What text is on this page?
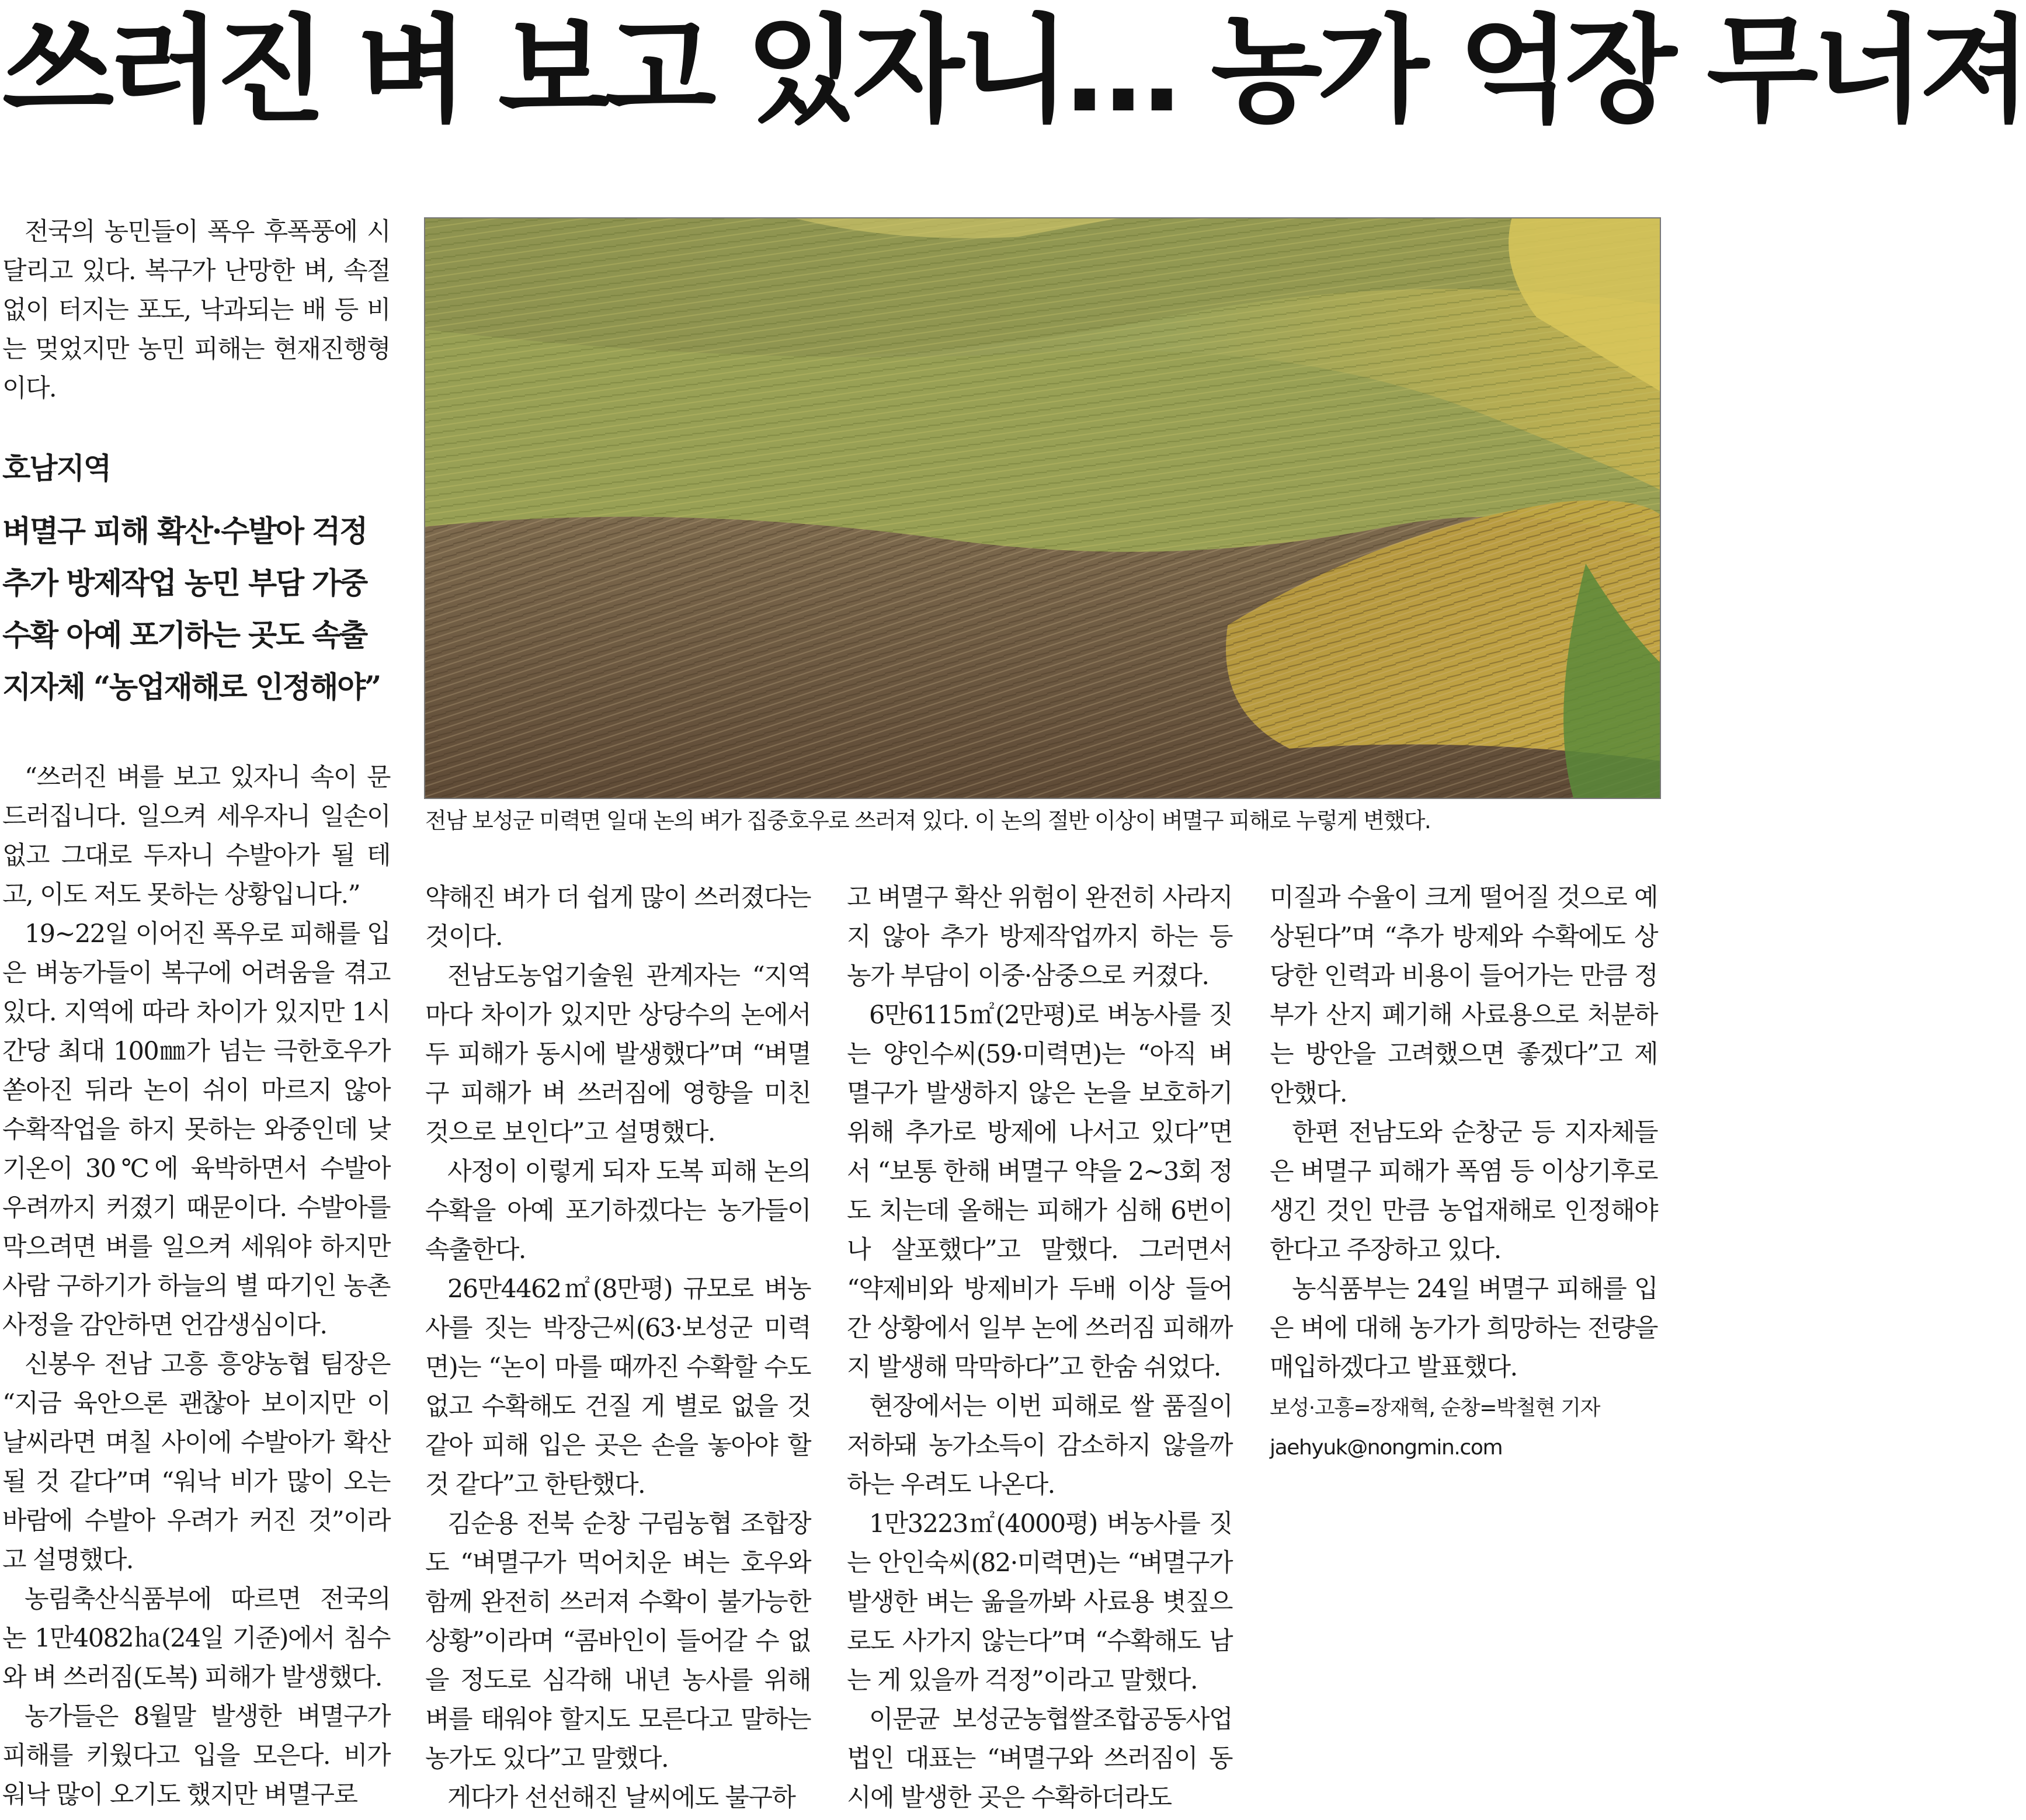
쓰러진 벼 보고 있자니… 농가 억장 무너져

전국의 농민들이 폭우 후폭풍에 시달리고 있다. 복구가 난망한 벼, 속절없이 터지는 포도, 낙과되는 배 등 비는 멎었지만 농민 피해는 현재진행형이다.

호남지역

벼멸구 피해 확산·수발아 걱정

추가 방제작업 농민 부담 가중

수확 아예 포기하는 곳도 속출

지자체 “농업재해로 인정해야”

전남 보성군 미력면 일대 논의 벼가 집중호우로 쓰러져 있다. 이 논의 절반 이상이 벼멸구 피해로 누렇게 변했다.

“쓰러진 벼를 보고 있자니 속이 문드러집니다. 일으켜 세우자니 일손이 없고 그대로 두자니 수발아가 될 테고, 이도 저도 못하는 상황입니다.”

19∼22일 이어진 폭우로 피해를 입은 벼농가들이 복구에 어려움을 겪고 있다. 지역에 따라 차이가 있지만 1시간당 최대 100㎜가 넘는 극한호우가 쏟아진 뒤라 논이 쉬이 마르지 않아 수확작업을 하지 못하는 와중인데 낮 기온이 30℃에 육박하면서 수발아 우려까지 커졌기 때문이다. 수발아를 막으려면 벼를 일으켜 세워야 하지만 사람 구하기가 하늘의 별 따기인 농촌 사정을 감안하면 언감생심이다.

신봉우 전남 고흥 흥양농협 팀장은 “지금 육안으론 괜찮아 보이지만 이 날씨라면 며칠 사이에 수발아가 확산될 것 같다”며 “워낙 비가 많이 오는 바람에 수발아 우려가 커진 것”이라고 설명했다.

농림축산식품부에 따르면 전국의 논 1만4082㏊(24일 기준)에서 침수와 벼 쓰러짐(도복) 피해가 발생했다.

농가들은 8월말 발생한 벼멸구가 피해를 키웠다고 입을 모은다. 비가 워낙 많이 오기도 했지만 벼멸구로

약해진 벼가 더 쉽게 많이 쓰러졌다는 것이다.

전남도농업기술원 관계자는 “지역마다 차이가 있지만 상당수의 논에서 두 피해가 동시에 발생했다”며 “벼멸구 피해가 벼 쓰러짐에 영향을 미친 것으로 보인다”고 설명했다.

사정이 이렇게 되자 도복 피해 논의 수확을 아예 포기하겠다는 농가들이 속출한다.

26만4462㎡(8만평) 규모로 벼농사를 짓는 박장근씨(63·보성군 미력면)는 “논이 마를 때까진 수확할 수도 없고 수확해도 건질 게 별로 없을 것 같아 피해 입은 곳은 손을 놓아야 할 것 같다”고 한탄했다.

김순용 전북 순창 구림농협 조합장도 “벼멸구가 먹어치운 벼는 호우와 함께 완전히 쓰러져 수확이 불가능한 상황”이라며 “콤바인이 들어갈 수 없을 정도로 심각해 내년 농사를 위해 벼를 태워야 할지도 모른다고 말하는 농가도 있다”고 말했다.

게다가 선선해진 날씨에도 불구하

고 벼멸구 확산 위험이 완전히 사라지지 않아 추가 방제작업까지 하는 등 농가 부담이 이중·삼중으로 커졌다.

6만6115㎡(2만평)로 벼농사를 짓는 양인수씨(59·미력면)는 “아직 벼멸구가 발생하지 않은 논을 보호하기 위해 추가로 방제에 나서고 있다”면서 “보통 한해 벼멸구 약을 2∼3회 정도 치는데 올해는 피해가 심해 6번이나 살포했다”고 말했다. 그러면서 “약제비와 방제비가 두배 이상 들어간 상황에서 일부 논에 쓰러짐 피해까지 발생해 막막하다”고 한숨 쉬었다.

현장에서는 이번 피해로 쌀 품질이 저하돼 농가소득이 감소하지 않을까 하는 우려도 나온다.

1만3223㎡(4000평) 벼농사를 짓는 안인숙씨(82·미력면)는 “벼멸구가 발생한 벼는 옮을까봐 사료용 볏짚으로도 사가지 않는다”며 “수확해도 남는 게 있을까 걱정”이라고 말했다.

이문균 보성군농협쌀조합공동사업법인 대표는 “벼멸구와 쓰러짐이 동시에 발생한 곳은 수확하더라도

미질과 수율이 크게 떨어질 것으로 예상된다”며 “추가 방제와 수확에도 상당한 인력과 비용이 들어가는 만큼 정부가 산지 폐기해 사료용으로 처분하는 방안을 고려했으면 좋겠다”고 제안했다.

한편 전남도와 순창군 등 지자체들은 벼멸구 피해가 폭염 등 이상기후로 생긴 것인 만큼 농업재해로 인정해야 한다고 주장하고 있다.

농식품부는 24일 벼멸구 피해를 입은 벼에 대해 농가가 희망하는 전량을 매입하겠다고 발표했다.

보성·고흥=장재혁, 순창=박철현 기자 jaehyuk@nongmin.com
